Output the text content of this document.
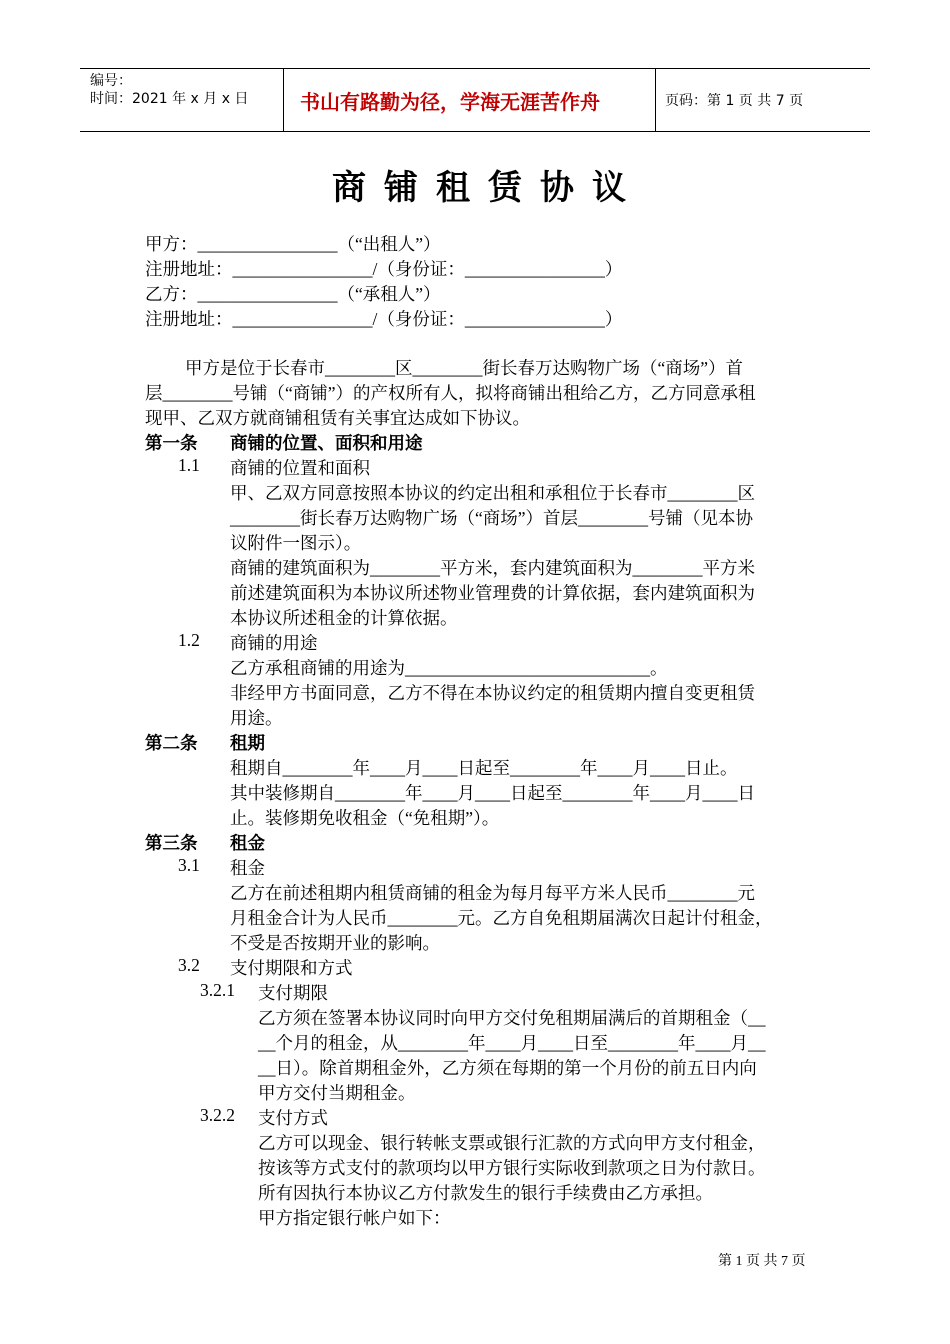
编号：
时间：2021 年 x 月 x 日	书山有路勤为径，学海无涯苦作舟	页码：第 1 页 共 7 页
商铺租赁协议
甲方：________________（“出租人”）
注册地址：________________/（身份证：________________）
乙方：________________（“承租人”）
注册地址：________________/（身份证：________________）
甲方是位于长春市________区________街长春万达购物广场（“商场”）首
层________号铺（“商铺”）的产权所有人，拟将商铺出租给乙方，乙方同意承租
现甲、乙双方就商铺租赁有关事宜达成如下协议。
第一条 商铺的位置、面积和用途
1.1 商铺的位置和面积
甲、乙双方同意按照本协议的约定出租和承租位于长春市________区
________街长春万达购物广场（“商场”）首层________号铺（见本协
议附件一图示）。
商铺的建筑面积为________平方米，套内建筑面积为________平方米
前述建筑面积为本协议所述物业管理费的计算依据，套内建筑面积为
本协议所述租金的计算依据。
1.2 商铺的用途
乙方承租商铺的用途为____________________________。
非经甲方书面同意，乙方不得在本协议约定的租赁期内擅自变更租赁
用途。
第二条 租期
租期自________年____月____日起至________年____月____日止。
其中装修期自________年____月____日起至________年____月____日
止。装修期免收租金（“免租期”）。
第三条 租金
3.1 租金
乙方在前述租期内租赁商铺的租金为每月每平方米人民币________元
月租金合计为人民币________元。乙方自免租期届满次日起计付租金，
不受是否按期开业的影响。
3.2 支付期限和方式
3.2.1 支付期限
乙方须在签署本协议同时向甲方交付免租期届满后的首期租金（__
__个月的租金，从________年____月____日至________年____月__
__日）。除首期租金外，乙方须在每期的第一个月份的前五日内向
甲方交付当期租金。
3.2.2 支付方式
乙方可以现金、银行转帐支票或银行汇款的方式向甲方支付租金，
按该等方式支付的款项均以甲方银行实际收到款项之日为付款日。
所有因执行本协议乙方付款发生的银行手续费由乙方承担。
甲方指定银行帐户如下：
第 1 页 共 7 页
